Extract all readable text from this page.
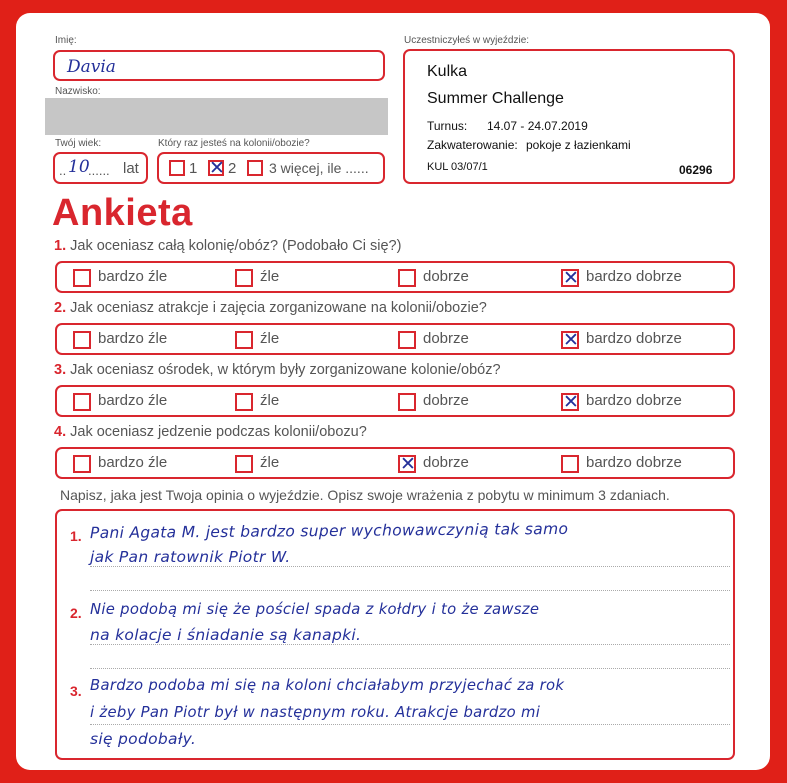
Imię:
Davia
Nazwisko:
Twój wiek:
.. 10
...... lat
Który raz jesteś na kolonii/obozie?
1 ✕ 2 3 więcej, ile ......
Uczestniczyłeś w wyjeździe:
Kulka
Summer Challenge
Turnus: 14.07 - 24.07.2019
Zakwaterowanie: pokoje z łazienkami
KUL 03/07/1	06296
Ankieta
1. Jak oceniasz całą kolonię/obóz? (Podobało Ci się?)
bardzo źle	źle	dobrze	✕ bardzo dobrze
2. Jak oceniasz atrakcje i zajęcia zorganizowane na kolonii/obozie?
bardzo źle	źle	dobrze	✕ bardzo dobrze
3. Jak oceniasz ośrodek, w którym były zorganizowane kolonie/obóz?
bardzo źle	źle	dobrze	✕ bardzo dobrze
4. Jak oceniasz jedzenie podczas kolonii/obozu?
bardzo źle	źle	✕ dobrze	bardzo dobrze
Napisz, jaka jest Twoja opinia o wyjeździe. Opisz swoje wrażenia z pobytu w minimum 3 zdaniach.
1. Pani Agata M. jest bardzo super wychowawczynią tak samo
jak Pan ratownik Piotr W.
2. Nie podobą mi się że pościel spada z kołdry i to że zawsze
na kolacje i śniadanie są kanapki.
3. Bardzo podoba mi się na koloni chciałabym przyjechać za rok
i żeby Pan Piotr był w następnym roku. Atrakcje bardzo mi
się podobały.
